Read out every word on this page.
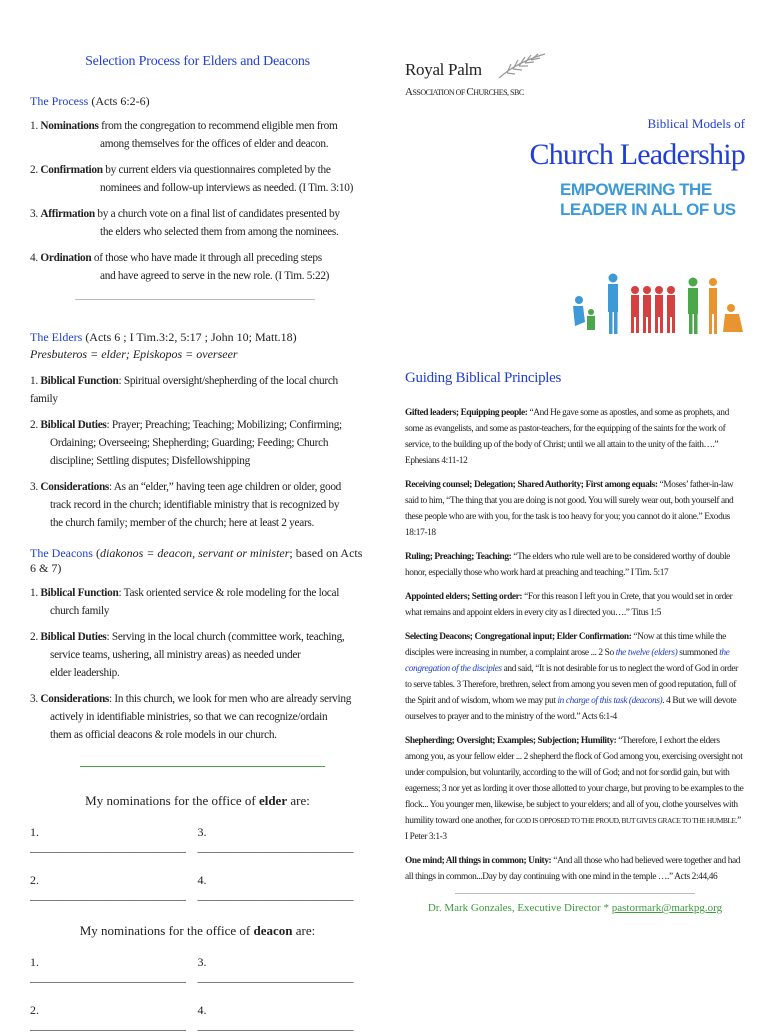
Selection Process for Elders and Deacons
The Process (Acts 6:2-6)
1. Nominations from the congregation to recommend eligible men from
among themselves for the offices of elder and deacon.
2. Confirmation by current elders via questionnaires completed by the
nominees and follow-up interviews as needed. (I Tim. 3:10)
3. Affirmation by a church vote on a final list of candidates presented by
the elders who selected them from among the nominees.
4. Ordination of those who have made it through all preceding steps
and have agreed to serve in the new role. (I Tim. 5:22)
The Elders (Acts 6 ; I Tim.3:2, 5:17 ; John 10; Matt.18)
Presbuteros = elder; Episkopos = overseer
1. Biblical Function: Spiritual oversight/shepherding of the local church family
2. Biblical Duties: Prayer; Preaching; Teaching; Mobilizing; Confirming;
Ordaining; Overseeing; Shepherding; Guarding; Feeding; Church
discipline; Settling disputes; Disfellowshipping
3. Considerations: As an “elder,” having teen age children or older, good
track record in the church; identifiable ministry that is recognized by
the church family; member of the church; here at least 2 years.
The Deacons (diakonos = deacon, servant or minister; based on Acts 6 & 7)
1. Biblical Function: Task oriented service & role modeling for the local
church family
2. Biblical Duties: Serving in the local church (committee work, teaching,
service teams, ushering, all ministry areas) as needed under
elder leadership.
3. Considerations: In this church, we look for men who are already serving
actively in identifiable ministries, so that we can recognize/ordain
them as official deacons & role models in our church.
My nominations for the office of elder are:
1. __________________________
3. __________________________
2. __________________________
4. __________________________
My nominations for the office of deacon are:
1. __________________________
3. __________________________
2. __________________________
4. __________________________
Royal Palm
ASSOCIATION OF CHURCHES, SBC
Biblical Models of
Church Leadership
EMPOWERING THE
LEADER IN ALL OF US
Guiding Biblical Principles
Gifted leaders; Equipping people: “And He gave some as apostles, and some as prophets, and some as evangelists, and some as pastor-teachers, for the equipping of the saints for the work of service, to the building up of the body of Christ; until we all attain to the unity of the faith….” Ephesians 4:11-12
Receiving counsel; Delegation; Shared Authority; First among equals: “Moses’ father-in-law said to him, “The thing that you are doing is not good. You will surely wear out, both yourself and these people who are with you, for the task is too heavy for you; you cannot do it alone.” Exodus 18:17-18
Ruling; Preaching; Teaching: “The elders who rule well are to be considered worthy of double honor, especially those who work hard at preaching and teaching.” I Tim. 5:17
Appointed elders; Setting order: “For this reason I left you in Crete, that you would set in order what remains and appoint elders in every city as I directed you….” Titus 1:5
Selecting Deacons; Congregational input; Elder Confirmation: “Now at this time while the disciples were increasing in number, a complaint arose ... 2 So the twelve (elders) summoned the congregation of the disciples and said, “It is not desirable for us to neglect the word of God in order to serve tables. 3 Therefore, brethren, select from among you seven men of good reputation, full of the Spirit and of wisdom, whom we may put in charge of this task (deacons). 4 But we will devote ourselves to prayer and to the ministry of the word.” Acts 6:1-4
Shepherding; Oversight; Examples; Subjection; Humility: “Therefore, I exhort the elders among you, as your fellow elder ... 2 shepherd the flock of God among you, exercising oversight not under compulsion, but voluntarily, according to the will of God; and not for sordid gain, but with eagerness; 3 nor yet as lording it over those allotted to your charge, but proving to be examples to the flock... You younger men, likewise, be subject to your elders; and all of you, clothe yourselves with humility toward one another, for GOD IS OPPOSED TO THE PROUD, BUT GIVES GRACE TO THE HUMBLE.” I Peter 3:1-3
One mind; All things in common; Unity: “And all those who had believed were together and had all things in common...Day by day continuing with one mind in the temple ….” Acts 2:44,46
Dr. Mark Gonzales, Executive Director * pastormark@markpg.org
